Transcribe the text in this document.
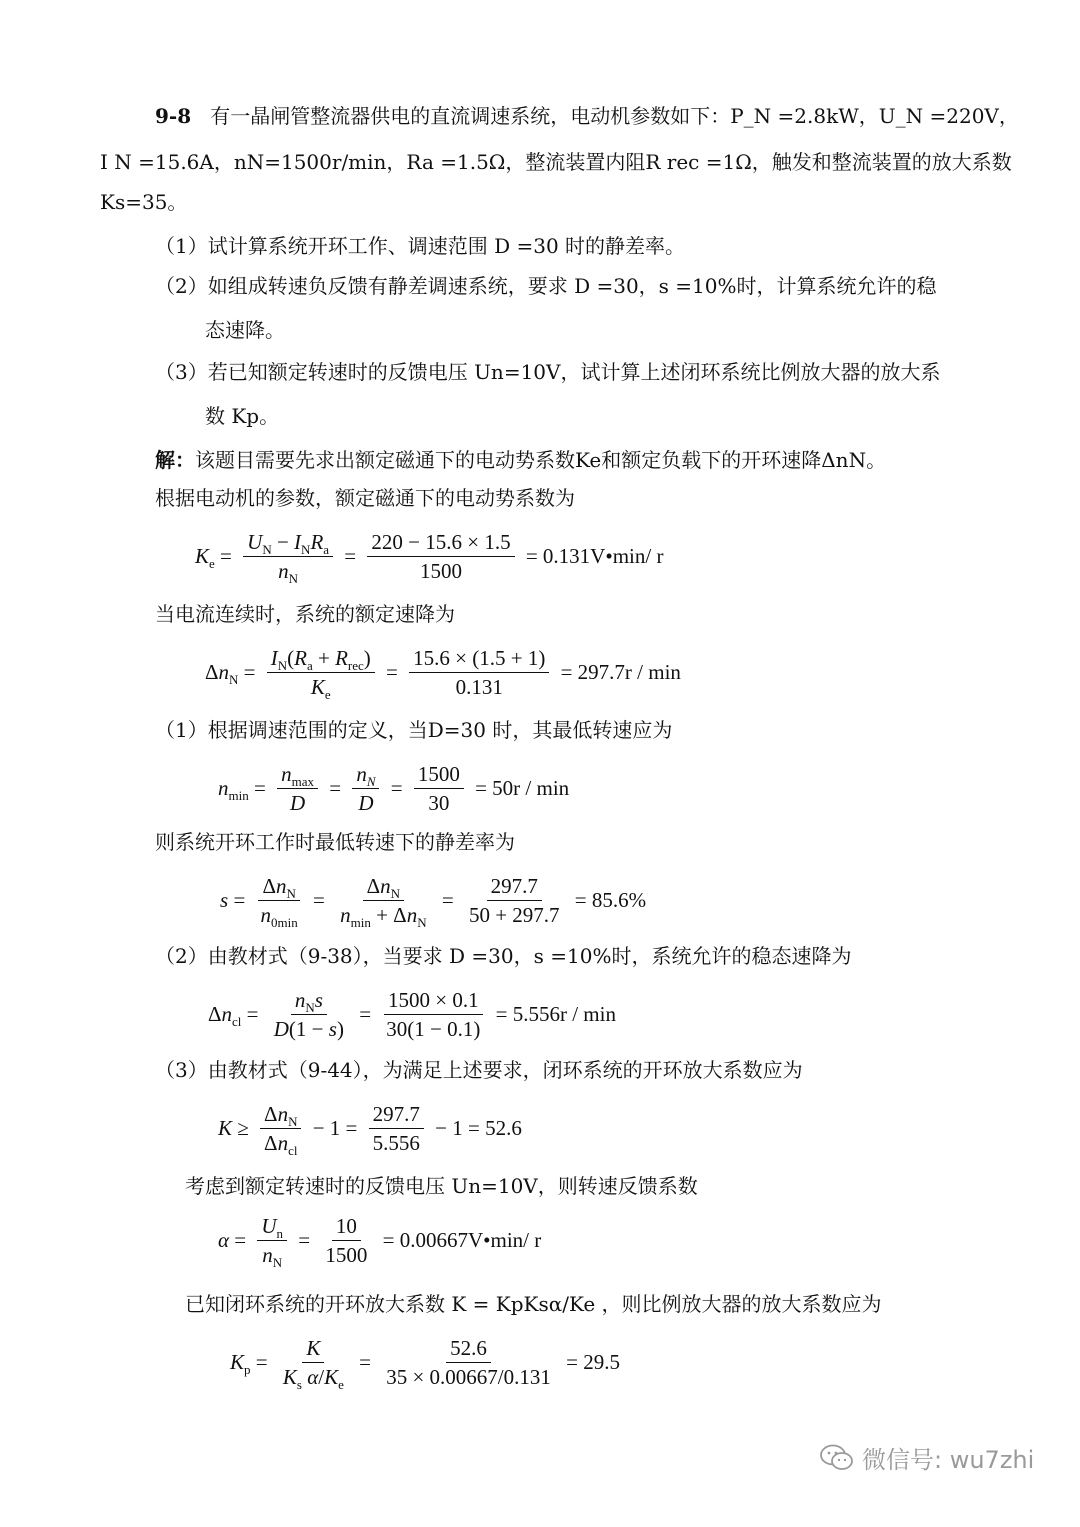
9-8 有一晶闸管整流器供电的直流调速系统，电动机参数如下：P_N =2.8kW，U_N =220V，
I N =15.6A，nN=1500r/min，Ra =1.5Ω，整流装置内阻R rec =1Ω，触发和整流装置的放大系数
Ks=35。
（1）试计算系统开环工作、调速范围 D =30 时的静差率。
（2）如组成转速负反馈有静差调速系统，要求 D =30，s =10%时，计算系统允许的稳
态速降。
（3）若已知额定转速时的反馈电压 Un=10V，试计算上述闭环系统比例放大器的放大系
数 Kp。
解：该题目需要先求出额定磁通下的电动势系数Ke和额定负载下的开环速降ΔnN。
根据电动机的参数，额定磁通下的电动势系数为
$K_e = \frac{U_N - I_NR_a}{n_N} = \frac{220 - 15.6 \times 1.5}{1500}$ = 0.131V•min/ r
当电流连续时，系统的额定速降为
$\Delta n_N = \frac{I_N(R_a + R_{rec})}{K_e} = \frac{15.6 \times (1.5 + 1)}{0.131} = 297.7r / \min$
（1）根据调速范围的定义，当D=30 时，其最低转速应为
$n_{min} = \frac{n_{max}}{D} = \frac{n_N}{D} = \frac{1500}{30} = 50r / \min$
则系统开环工作时最低转速下的静差率为
$s = \frac{\Delta n_N}{n_{0min}} = \frac{\Delta n_N}{n_{min} + \Delta n_N} = \frac{297.7}{50 + 297.7} = 85.6\%$
（2）由教材式（9-38），当要求 D =30，s =10%时，系统允许的稳态速降为
$\Delta n_{cl} = \frac{n_Ns}{D(1 - s)} = \frac{1500 \times 0.1}{30(1 - 0.1)} = 5.556r / \min$
（3）由教材式（9-44），为满足上述要求，闭环系统的开环放大系数应为
$K \ge \frac{\Delta n_N}{\Delta n_{cl}} - 1 = \frac{297.7}{5.556} - 1 = 52.6$
考虑到额定转速时的反馈电压 Un=10V，则转速反馈系数
$\alpha = \frac{U_n}{n_N} = \frac{10}{1500}$ = 0.00667V•min/ r
已知闭环系统的开环放大系数 K = KpKsα/Ke ，则比例放大器的放大系数应为
$K_p = \frac{K}{K_s \alpha/K_e} = \frac{52.6}{35 \times 0.00667/0.131} = 29.5$
微信号: wu7zhi
